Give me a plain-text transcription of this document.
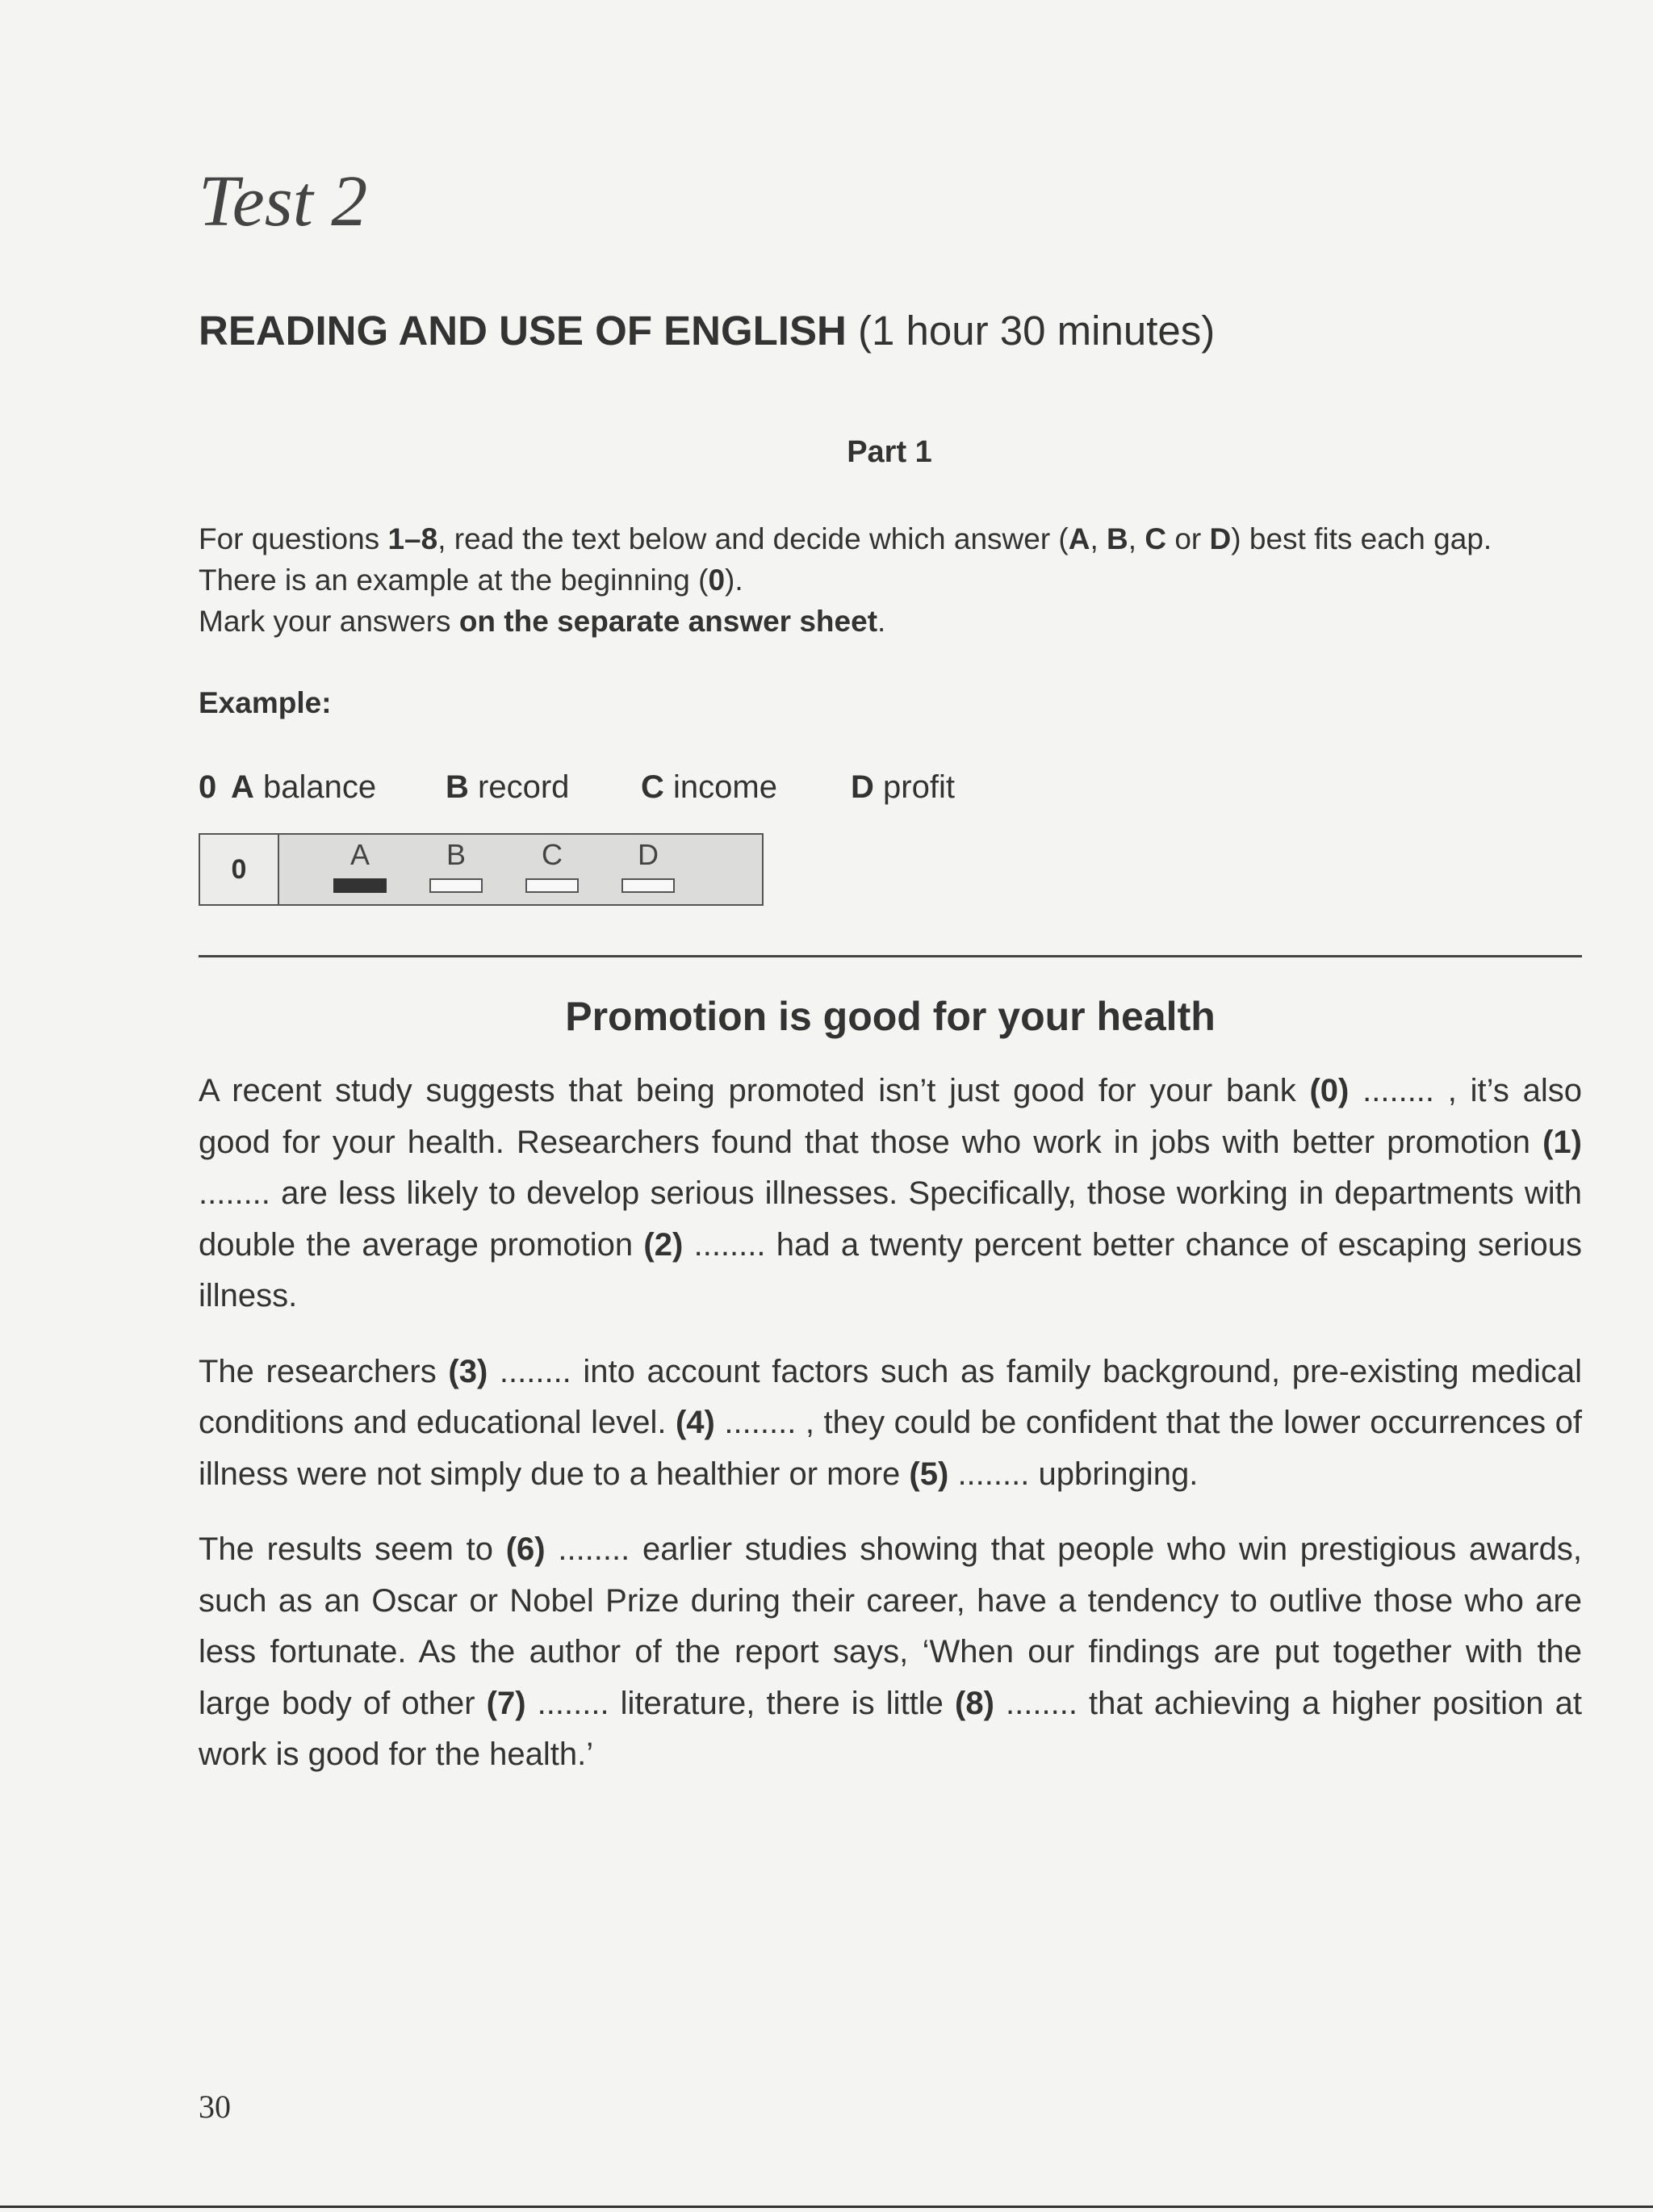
Test 2
READING AND USE OF ENGLISH (1 hour 30 minutes)
Part 1

For questions 1–8, read the text below and decide which answer (A, B, C or D) best fits each gap.

There is an example at the beginning (0).

Mark your answers on the separate answer sheet.

Example:
0 A balance B record C income D profit
0	A	B	C	D
Promotion is good for your health

A recent study suggests that being promoted isn’t just good for your bank (0) ........ , it’s also good for your health. Researchers found that those who work in jobs with better promotion (1) ........ are less likely to develop serious illnesses. Specifically, those working in departments with double the average promotion (2) ........ had a twenty percent better chance of escaping serious illness.

The researchers (3) ........ into account factors such as family background, pre-existing medical conditions and educational level. (4) ........ , they could be confident that the lower occurrences of illness were not simply due to a healthier or more (5) ........ upbringing.

The results seem to (6) ........ earlier studies showing that people who win prestigious awards, such as an Oscar or Nobel Prize during their career, have a tendency to outlive those who are less fortunate. As the author of the report says, ‘When our findings are put together with the large body of other (7) ........ literature, there is little (8) ........ that achieving a higher position at work is good for the health.’

30
